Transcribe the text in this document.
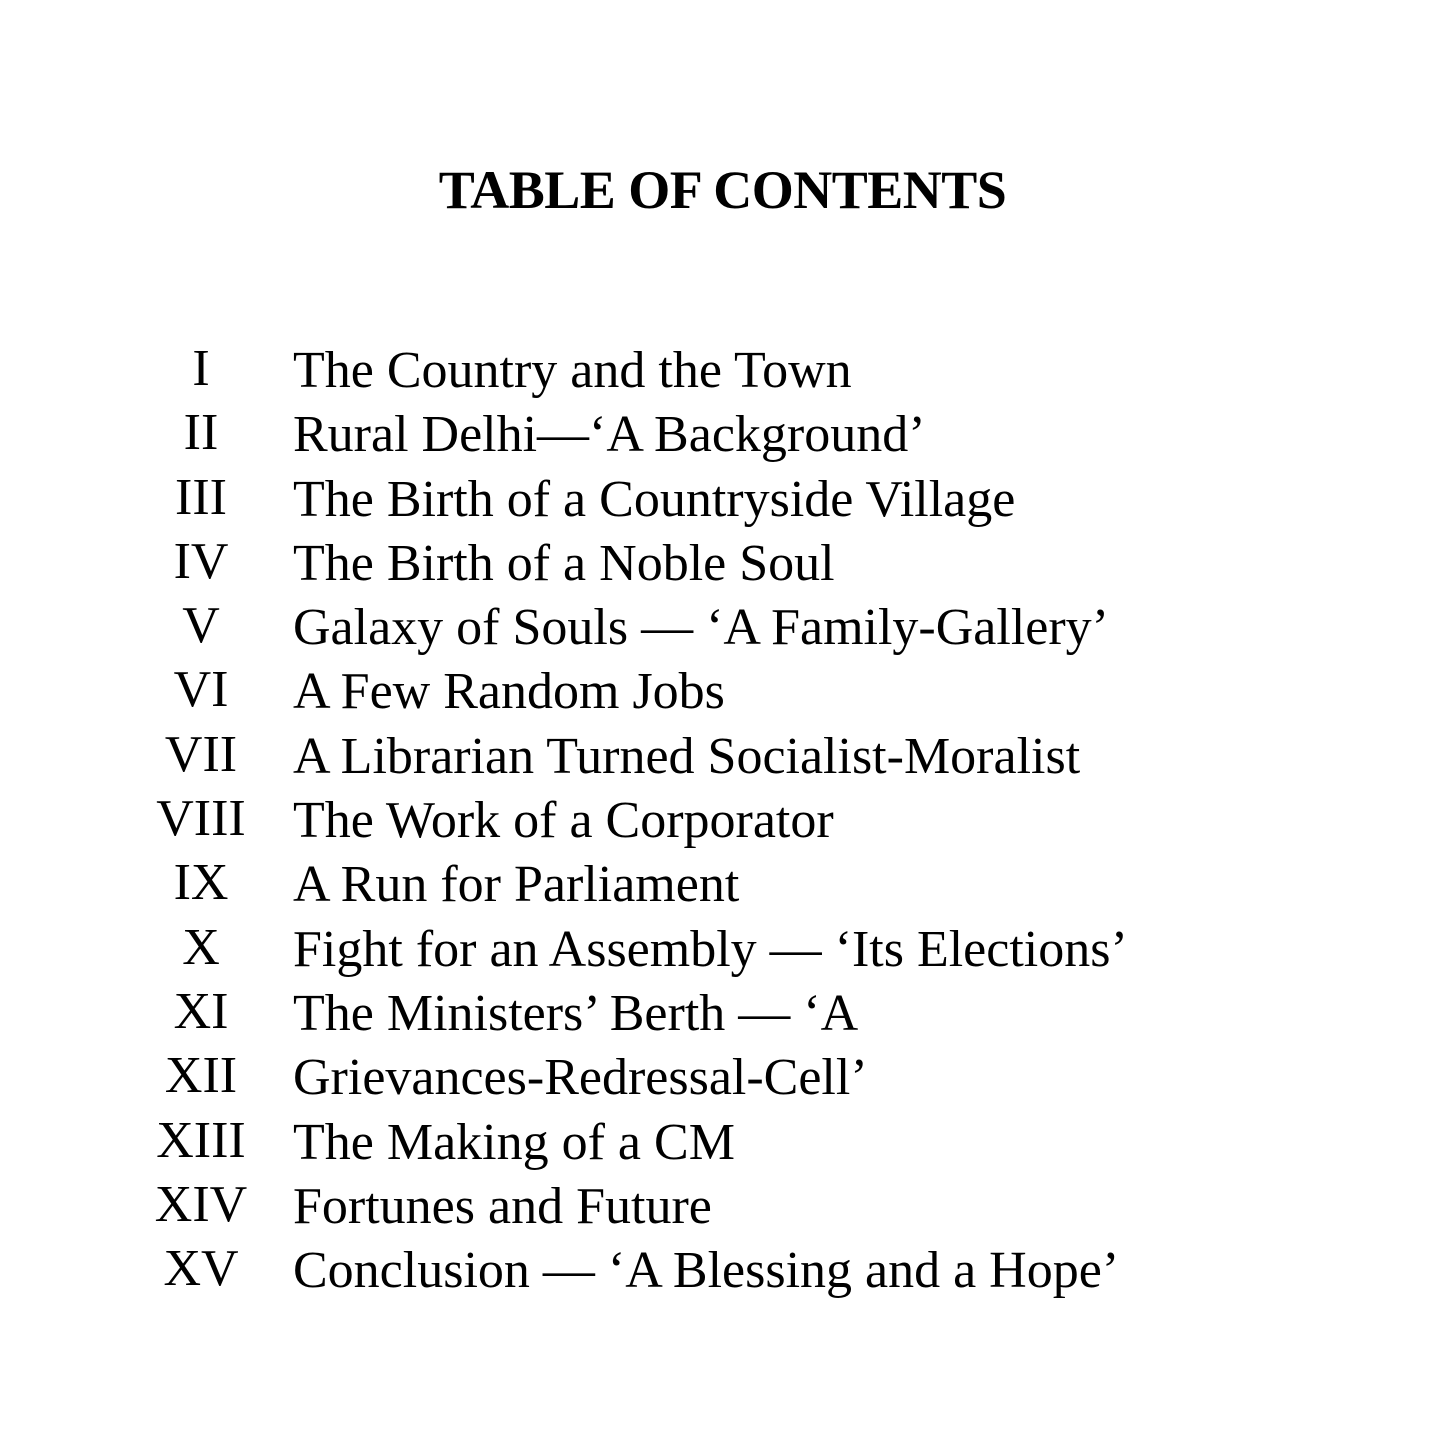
TABLE OF CONTENTS
I	The Country and the Town
II	Rural Delhi—‘A Background’
III	The Birth of a Countryside Village
IV	The Birth of a Noble Soul
V	Galaxy of Souls — ‘A Family-Gallery’
VI	A Few Random Jobs
VII	A Librarian Turned Socialist-Moralist
VIII The Work of a Corporator
IX	A Run for Parliament
X	Fight for an Assembly — ‘Its Elections’
XI	The Ministers’ Berth — ‘A
XII	Grievances-Redressal-Cell’
XIII The Making of a CM
XIV Fortunes and Future
XV	Conclusion — ‘A Blessing and a Hope’
